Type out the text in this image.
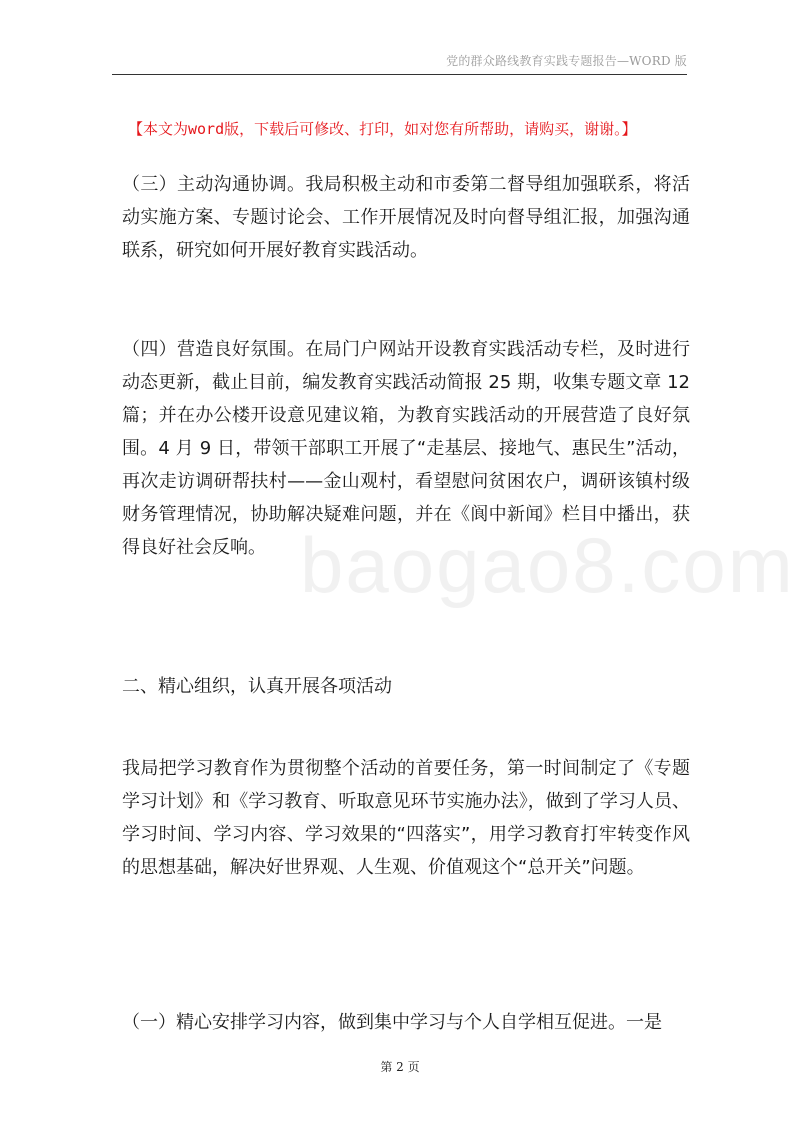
党的群众路线教育实践专题报告—WORD 版
【本文为word版，下载后可修改、打印，如对您有所帮助，请购买，谢谢。】
baogao8.com

（三）主动沟通协调。我局积极主动和市委第二督导组加强联系，将活动实施方案、专题讨论会、工作开展情况及时向督导组汇报，加强沟通联系，研究如何开展好教育实践活动。

（四）营造良好氛围。在局门户网站开设教育实践活动专栏，及时进行动态更新，截止目前，编发教育实践活动简报 25 期，收集专题文章 12 篇；并在办公楼开设意见建议箱，为教育实践活动的开展营造了良好氛围。4 月 9 日，带领干部职工开展了“走基层、接地气、惠民生”活动，再次走访调研帮扶村——金山观村，看望慰问贫困农户，调研该镇村级财务管理情况，协助解决疑难问题，并在《阆中新闻》栏目中播出，获得良好社会反响。

二、精心组织，认真开展各项活动

我局把学习教育作为贯彻整个活动的首要任务，第一时间制定了《专题学习计划》和《学习教育、听取意见环节实施办法》，做到了学习人员、学习时间、学习内容、学习效果的“四落实”，用学习教育打牢转变作风的思想基础，解决好世界观、人生观、价值观这个“总开关”问题。

（一）精心安排学习内容，做到集中学习与个人自学相互促进。一是

第 2 页
